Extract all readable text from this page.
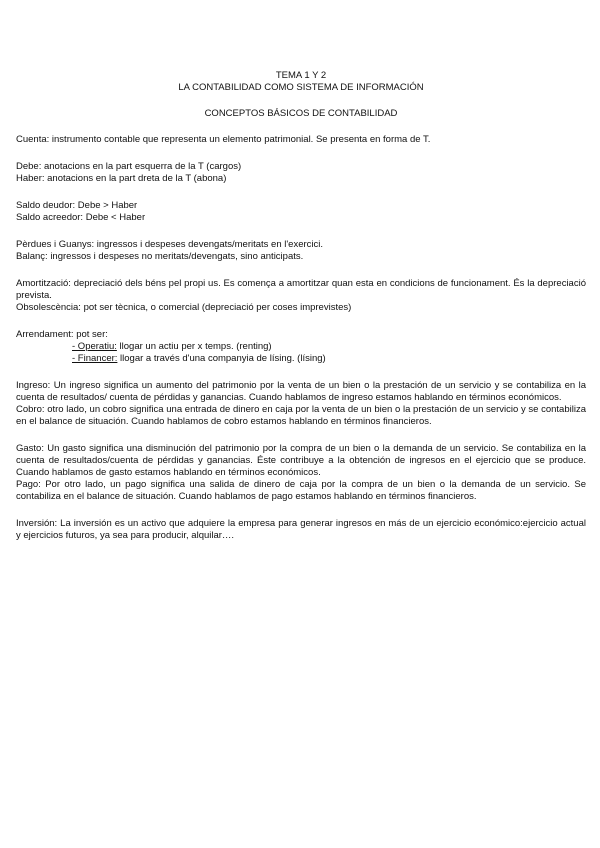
TEMA 1 Y 2

LA CONTABILIDAD COMO SISTEMA DE INFORMACIÓN

CONCEPTOS BÁSICOS DE CONTABILIDAD

Cuenta: instrumento contable que representa un elemento patrimonial. Se presenta en forma de T.

Debe: anotacions en la part esquerra de la T (cargos)

Haber: anotacions en la part dreta de la T (abona)

Saldo deudor: Debe > Haber

Saldo acreedor: Debe < Haber

Pèrdues i Guanys: ingressos i despeses devengats/meritats en l'exercici.

Balanç: ingressos i despeses no meritats/devengats, sino anticipats.

Amortització: depreciació dels béns pel propi us. Es comença a amortitzar quan esta en condicions de funcionament. És la depreciació prevista.

Obsolescència: pot ser tècnica, o comercial (depreciació per coses imprevistes)

Arrendament: pot ser:

- Operatiu: llogar un actiu per x temps. (renting)

- Financer: llogar a través d'una companyia de lísing. (lísing)

Ingreso: Un ingreso significa un aumento del patrimonio por la venta de un bien o la prestación de un servicio y se contabiliza en la cuenta de resultados/ cuenta de pérdidas y ganancias. Cuando hablamos de ingreso estamos hablando en términos económicos.

Cobro: otro lado, un cobro significa una entrada de dinero en caja por la venta de un bien o la prestación de un servicio y se contabiliza en el balance de situación. Cuando hablamos de cobro estamos hablando en términos financieros.

Gasto: Un gasto significa una disminución del patrimonio por la compra de un bien o la demanda de un servicio. Se contabiliza en la cuenta de resultados/cuenta de pérdidas y ganancias. Éste contribuye a la obtención de ingresos en el ejercicio que se produce. Cuando hablamos de gasto estamos hablando en términos económicos.

Pago: Por otro lado, un pago significa una salida de dinero de caja por la compra de un bien o la demanda de un servicio. Se contabiliza en el balance de situación. Cuando hablamos de pago estamos hablando en términos financieros.

Inversión: La inversión es un activo que adquiere la empresa para generar ingresos en más de un ejercicio económico:ejercicio actual y ejercicios futuros, ya sea para producir, alquilar….
